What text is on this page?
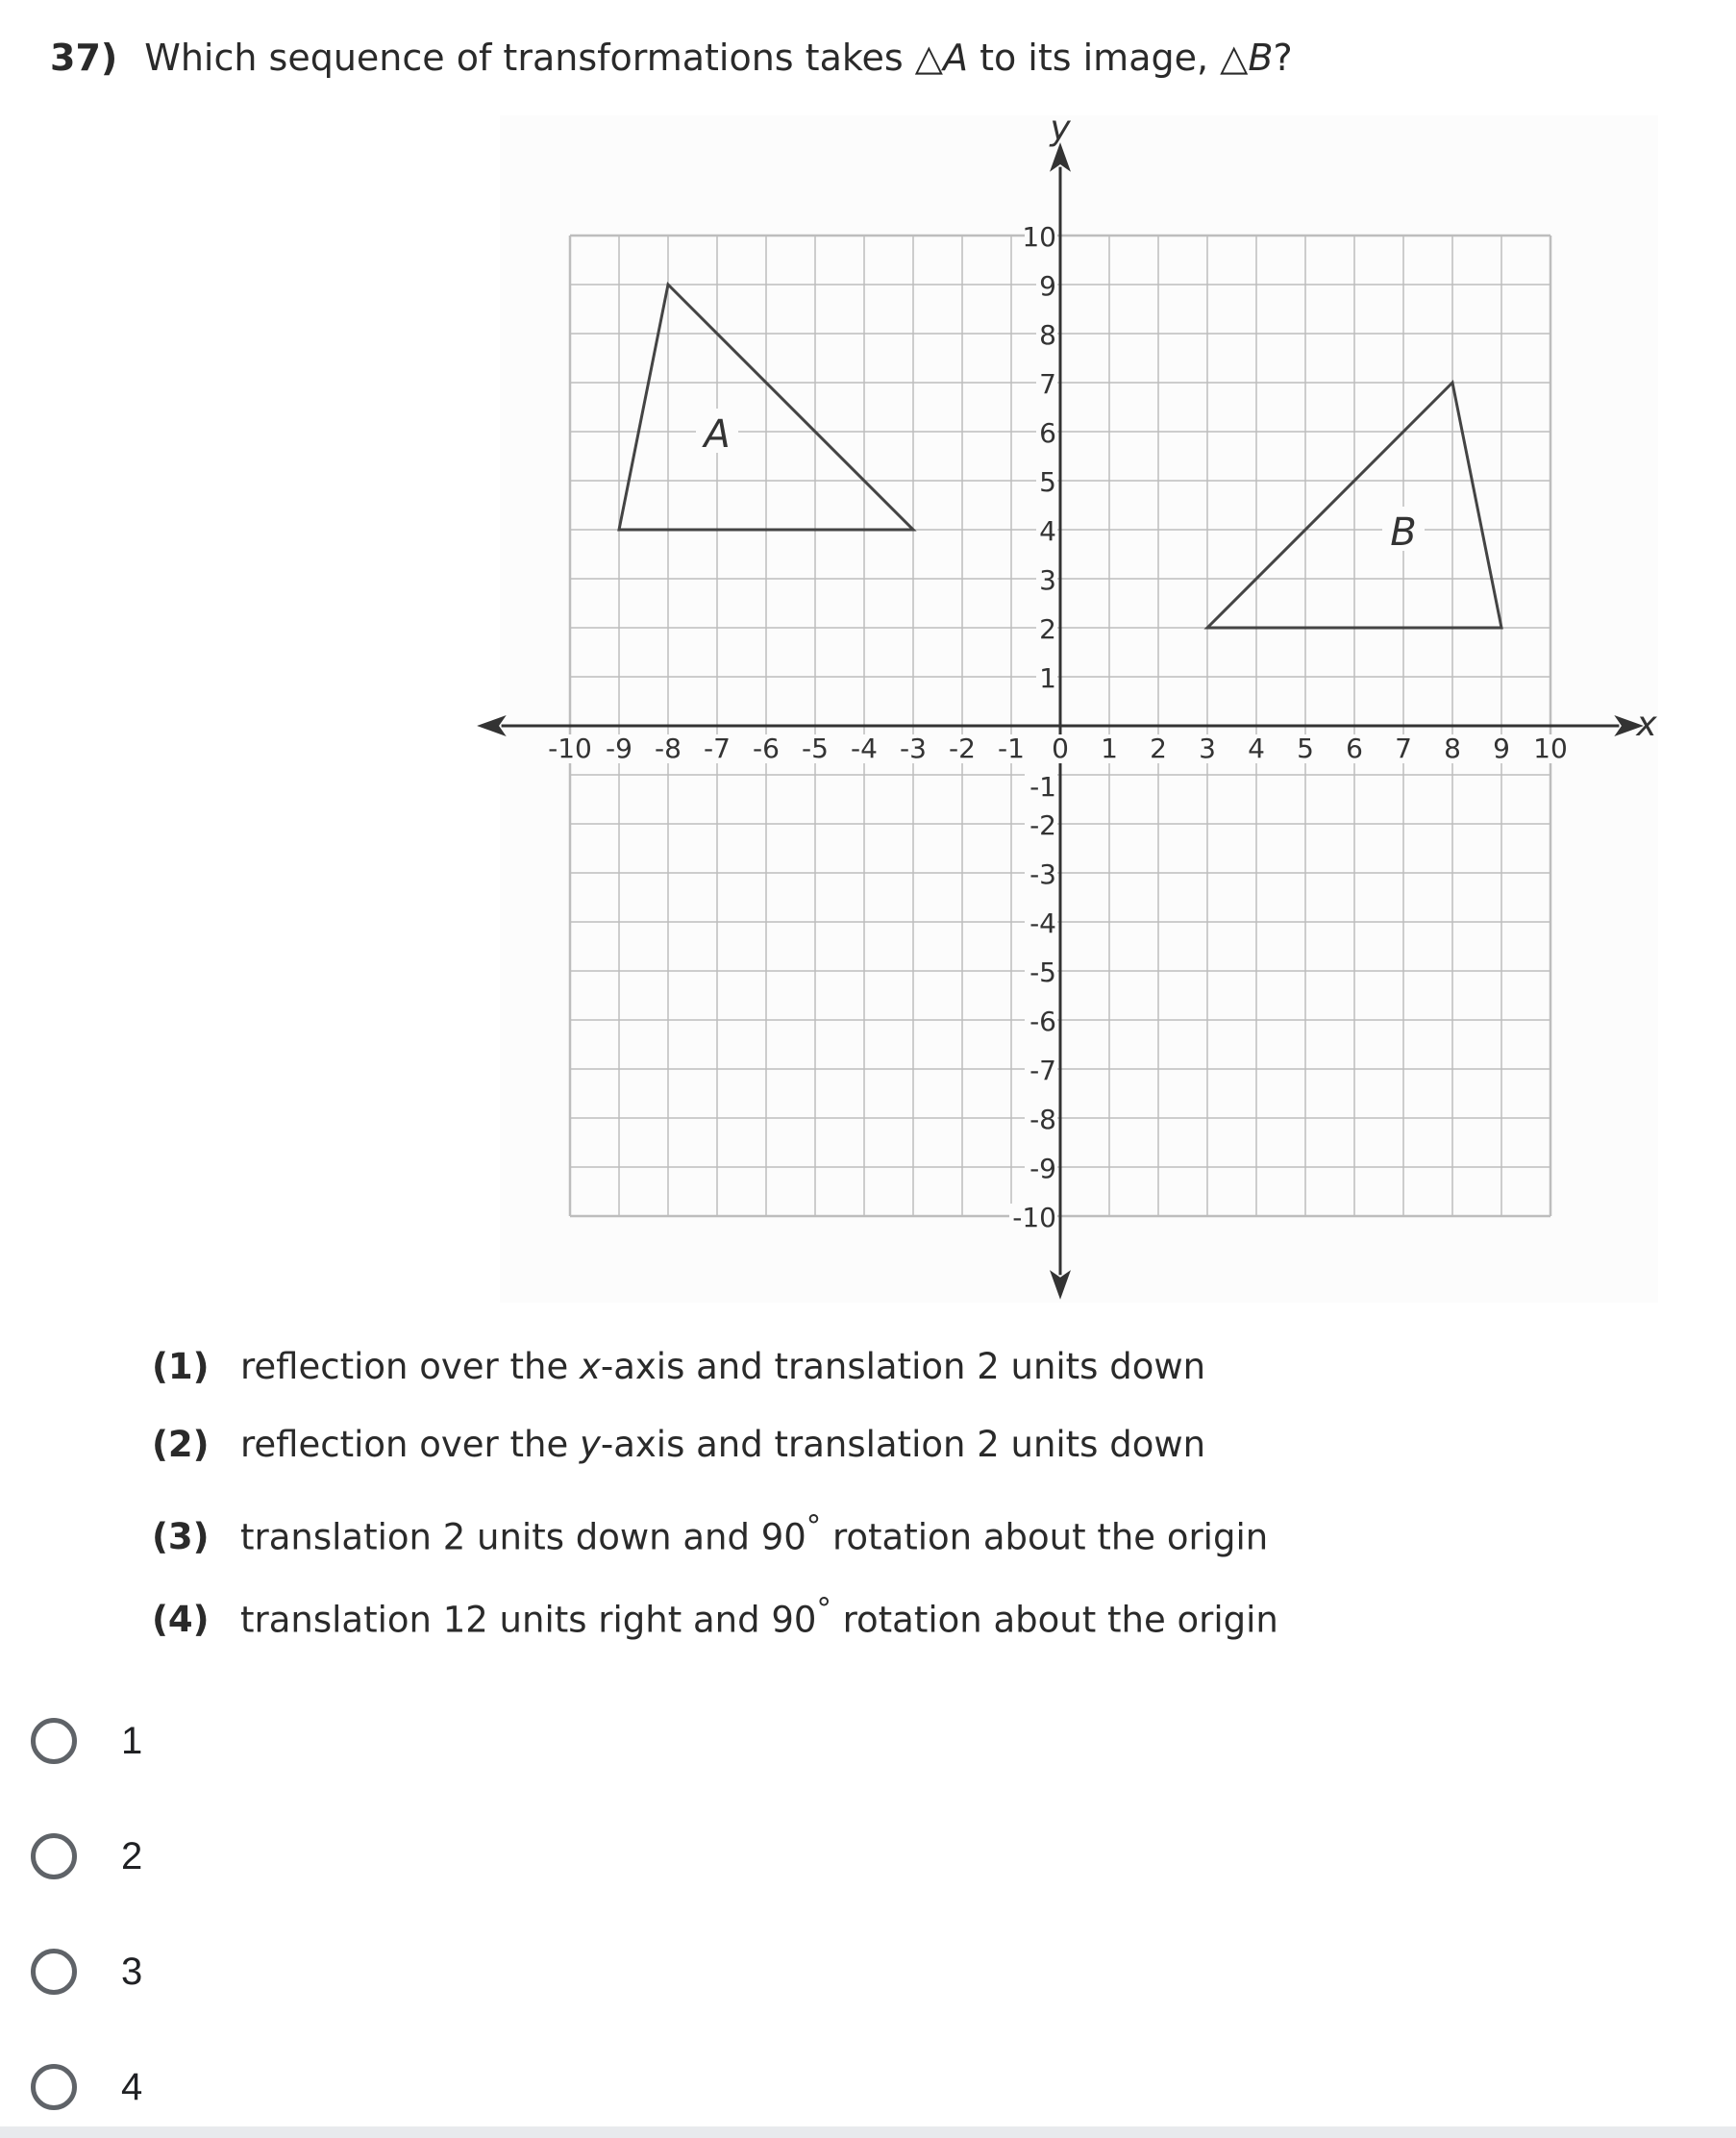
37) Which sequence of transformations takes △A to its image, △B?
-10 -9 -8 -7 -6 -5 -4 -3 -2 -1 0 1 2 3 4 5 6 7 8 9 10
10
9
8
7
6
5
4
3
2
1
-1
-2
-3
-4
-5
-6
-7
-8
-9
-10
A
B
x
y
(1) reflection over the x-axis and translation 2 units down
(2) reflection over the y-axis and translation 2 units down
(3) translation 2 units down and 90° rotation about the origin
(4) translation 12 units right and 90° rotation about the origin
1
2
3
4
